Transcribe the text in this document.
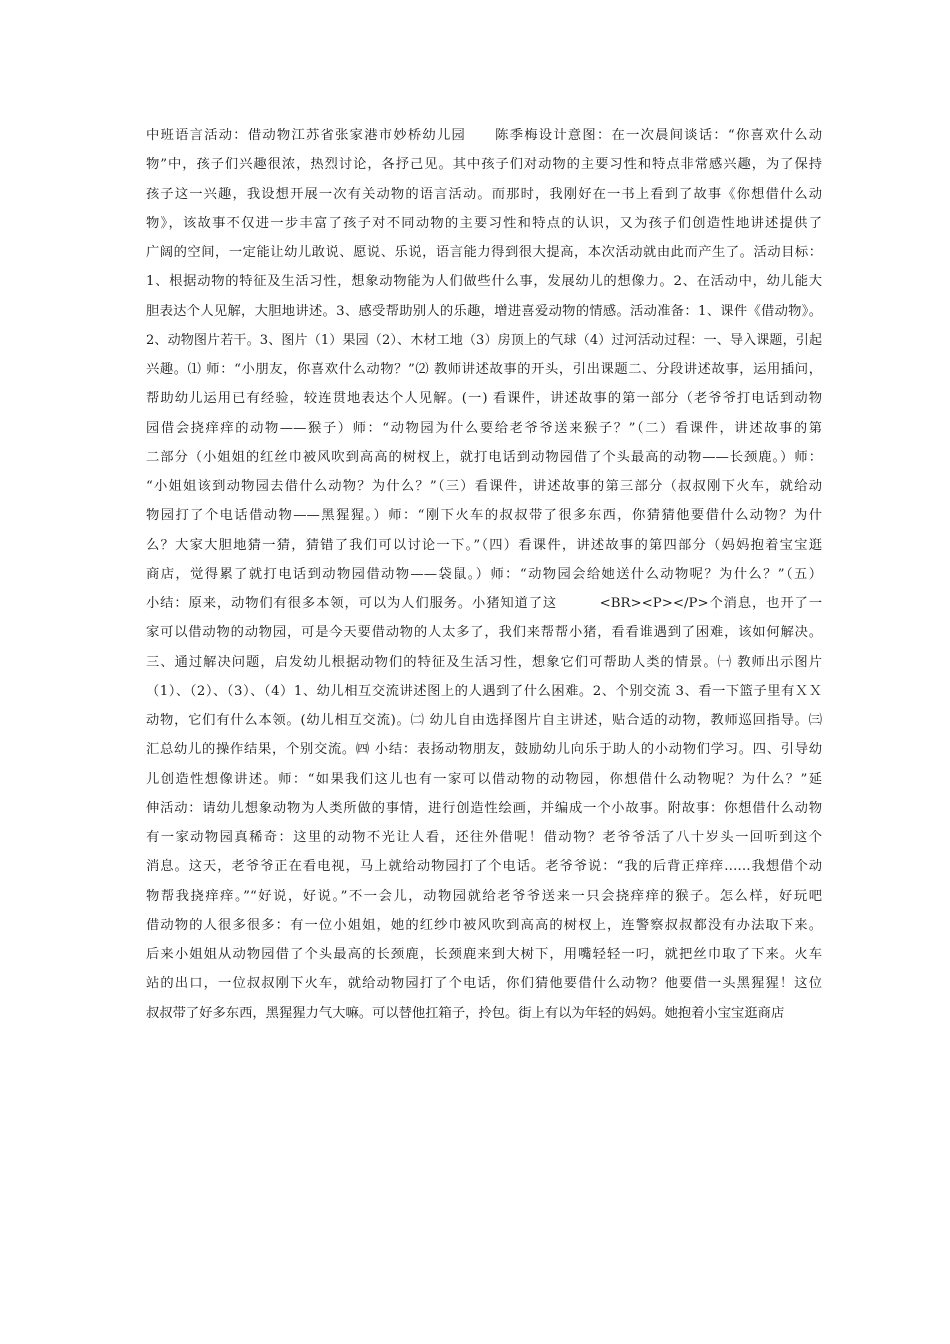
中班语言活动：借动物江苏省张家港市妙桥幼儿园　　陈季梅设计意图：在一次晨间谈话：“你喜欢什么动
物”中，孩子们兴趣很浓，热烈讨论，各抒己见。其中孩子们对动物的主要习性和特点非常感兴趣，为了保持
孩子这一兴趣，我设想开展一次有关动物的语言活动。而那时，我刚好在一书上看到了故事《你想借什么动
物》，该故事不仅进一步丰富了孩子对不同动物的主要习性和特点的认识，又为孩子们创造性地讲述提供了
广阔的空间，一定能让幼儿敢说、愿说、乐说，语言能力得到很大提高，本次活动就由此而产生了。活动目标：
1、根据动物的特征及生活习性，想象动物能为人们做些什么事，发展幼儿的想像力。2、在活动中，幼儿能大
胆表达个人见解，大胆地讲述。3、感受帮助别人的乐趣，增进喜爱动物的情感。活动准备：1、课件《借动物》。
2、动物图片若干。3、图片（1）果园（2）、木材工地（3）房顶上的气球（4）过河活动过程：一、导入课题，引起
兴趣。⑴ 师：“小朋友，你喜欢什么动物？”⑵ 教师讲述故事的开头，引出课题二、分段讲述故事，运用插问，
帮助幼儿运用已有经验，较连贯地表达个人见解。(一) 看课件，讲述故事的第一部分（老爷爷打电话到动物
园借会挠痒痒的动物——猴子）师：“动物园为什么要给老爷爷送来猴子？”（二）看课件，讲述故事的第
二部分（小姐姐的红丝巾被风吹到高高的树杈上，就打电话到动物园借了个头最高的动物——长颈鹿。）师：
“小姐姐该到动物园去借什么动物？为什么？”（三）看课件，讲述故事的第三部分（叔叔刚下火车，就给动
物园打了个电话借动物——黑猩猩。）师：“刚下火车的叔叔带了很多东西，你猜猜他要借什么动物？为什
么？大家大胆地猜一猜，猜错了我们可以讨论一下。”（四）看课件，讲述故事的第四部分（妈妈抱着宝宝逛
商店，觉得累了就打电话到动物园借动物——袋鼠。）师：“动物园会给她送什么动物呢？为什么？”（五）
小结：原来，动物们有很多本领，可以为人们服务。小猪知道了这　　　<BR><P></P>个消息，也开了一
家可以借动物的动物园，可是今天要借动物的人太多了，我们来帮帮小猪，看看谁遇到了困难，该如何解决。
三、通过解决问题，启发幼儿根据动物们的特征及生活习性，想象它们可帮助人类的情景。㈠ 教师出示图片
（1）、（2）、（3）、（4）1、幼儿相互交流讲述图上的人遇到了什么困难。2、个别交流 3、看一下篮子里有ＸＸ
动物，它们有什么本领。(幼儿相互交流)。㈡ 幼儿自由选择图片自主讲述，贴合适的动物，教师巡回指导。㈢
汇总幼儿的操作结果，个别交流。㈣ 小结：表扬动物朋友，鼓励幼儿向乐于助人的小动物们学习。四、引导幼
儿创造性想像讲述。师：“如果我们这儿也有一家可以借动物的动物园，你想借什么动物呢？为什么？”延
伸活动：请幼儿想象动物为人类所做的事情，进行创造性绘画，并编成一个小故事。附故事：你想借什么动物
有一家动物园真稀奇：这里的动物不光让人看，还往外借呢！借动物？老爷爷活了八十岁头一回听到这个
消息。这天，老爷爷正在看电视，马上就给动物园打了个电话。老爷爷说：“我的后背正痒痒……我想借个动
物帮我挠痒痒。”“好说，好说。”不一会儿，动物园就给老爷爷送来一只会挠痒痒的猴子。怎么样，好玩吧
借动物的人很多很多：有一位小姐姐，她的红纱巾被风吹到高高的树杈上，连警察叔叔都没有办法取下来。
后来小姐姐从动物园借了个头最高的长颈鹿，长颈鹿来到大树下，用嘴轻轻一叼，就把丝巾取了下来。火车
站的出口，一位叔叔刚下火车，就给动物园打了个电话，你们猜他要借什么动物？他要借一头黑猩猩！这位
叔叔带了好多东西，黑猩猩力气大嘛。可以替他扛箱子，拎包。街上有以为年轻的妈妈。她抱着小宝宝逛商店
